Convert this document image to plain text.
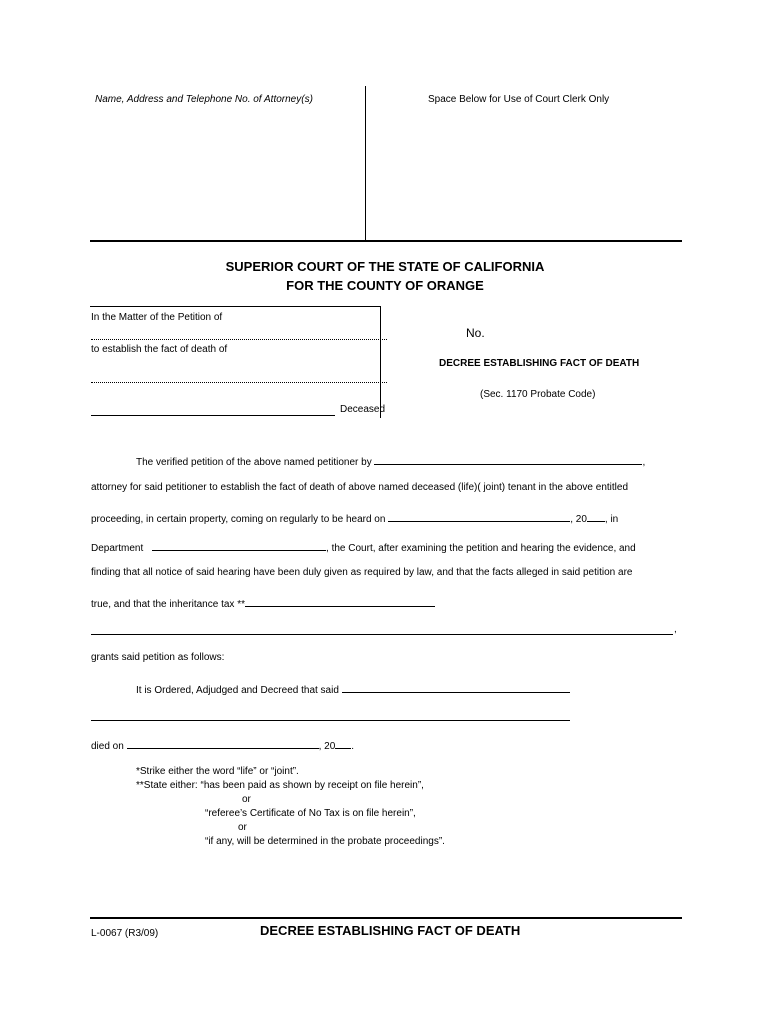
Name, Address and Telephone No. of Attorney(s)	Space Below for Use of Court Clerk Only
SUPERIOR COURT OF THE STATE OF CALIFORNIA
FOR THE COUNTY OF ORANGE
In the Matter of the Petition of
to establish the fact of death of
Deceased
No.
DECREE ESTABLISHING FACT OF DEATH
(Sec. 1170 Probate Code)
The verified petition of the above named petitioner by	,
attorney for said petitioner to establish the fact of death of above named deceased (life)( joint) tenant in the above entitled
proceeding, in certain property, coming on regularly to be heard on	, 20 , in
Department	, the Court, after examining the petition and hearing the evidence, and
finding that all notice of said hearing have been duly given as required by law, and that the facts alleged in said petition are
true, and that the inheritance tax **
,
grants said petition as follows:
It is Ordered, Adjudged and Decreed that said
died on	, 20 .
*Strike either the word “life” or “joint”.
**State either: “has been paid as shown by receipt on file herein”,
or
“referee’s Certificate of No Tax is on file herein”,
or
“if any, will be determined in the probate proceedings”.
L-0067 (R3/09)	DECREE ESTABLISHING FACT OF DEATH
